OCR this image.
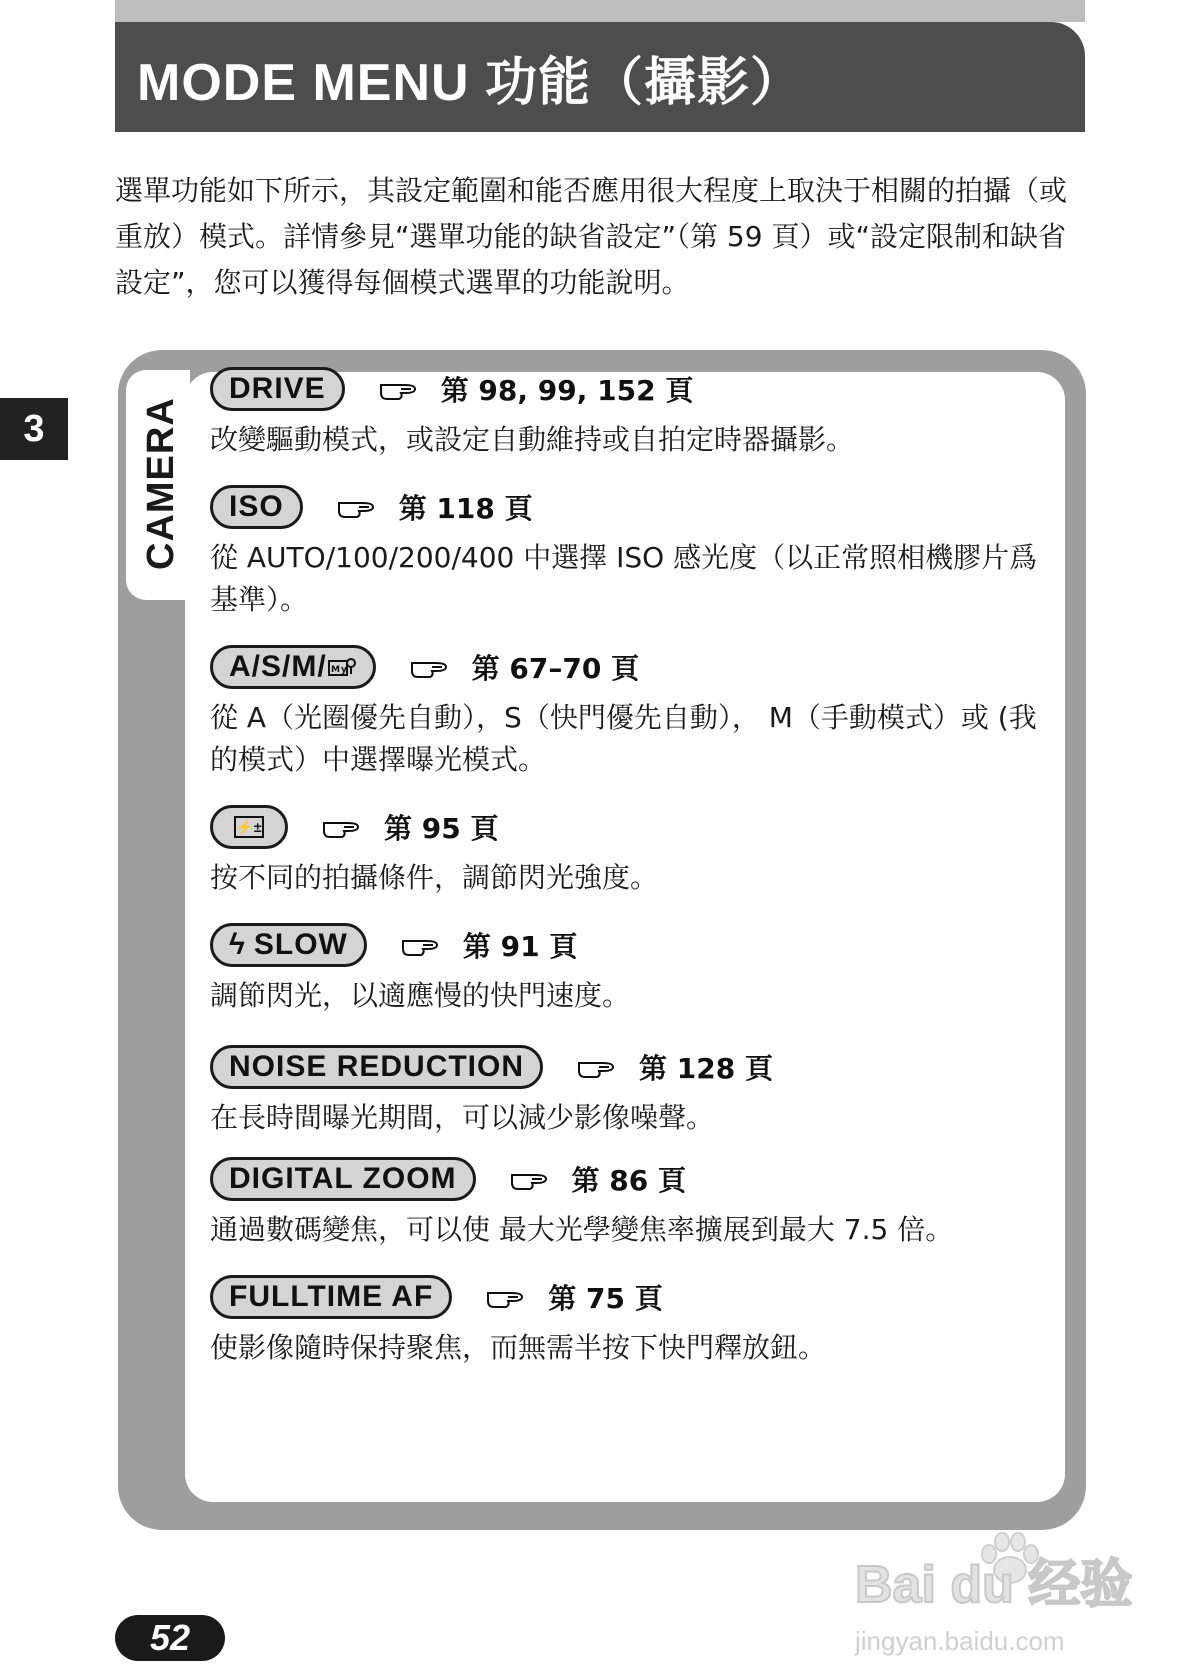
MODE MENU 功能（攝影）
選單功能如下所示，其設定範圍和能否應用很大程度上取決于相關的拍攝（或重放）模式。詳情參見“選單功能的缺省設定”（第 59 頁）或“設定限制和缺省設定”，您可以獲得每個模式選單的功能說明。
3	CAMERA
DRIVE	第 98, 99, 152 頁
改變驅動模式，或設定自動維持或自拍定時器攝影。
ISO	第 118 頁
從 AUTO/100/200/400 中選擇 ISO 感光度（以正常照相機膠片爲基準）。
A/S/M/ My	第 67–70 頁
從 A（光圈優先自動），S（快門優先自動）， M（手動模式）或 (我的模式）中選擇曝光模式。
⚡±	第 95 頁
按不同的拍攝條件，調節閃光強度。
ϟ SLOW	第 91 頁
調節閃光，以適應慢的快門速度。
NOISE REDUCTION	第 128 頁
在長時間曝光期間，可以減少影像噪聲。
DIGITAL ZOOM	第 86 頁
通過數碼變焦，可以使 最大光學變焦率擴展到最大 7.5 倍。
FULLTIME AF	第 75 頁
使影像隨時保持聚焦，而無需半按下快門釋放鈕。
52
Bai du 经验
jingyan.baidu.com
